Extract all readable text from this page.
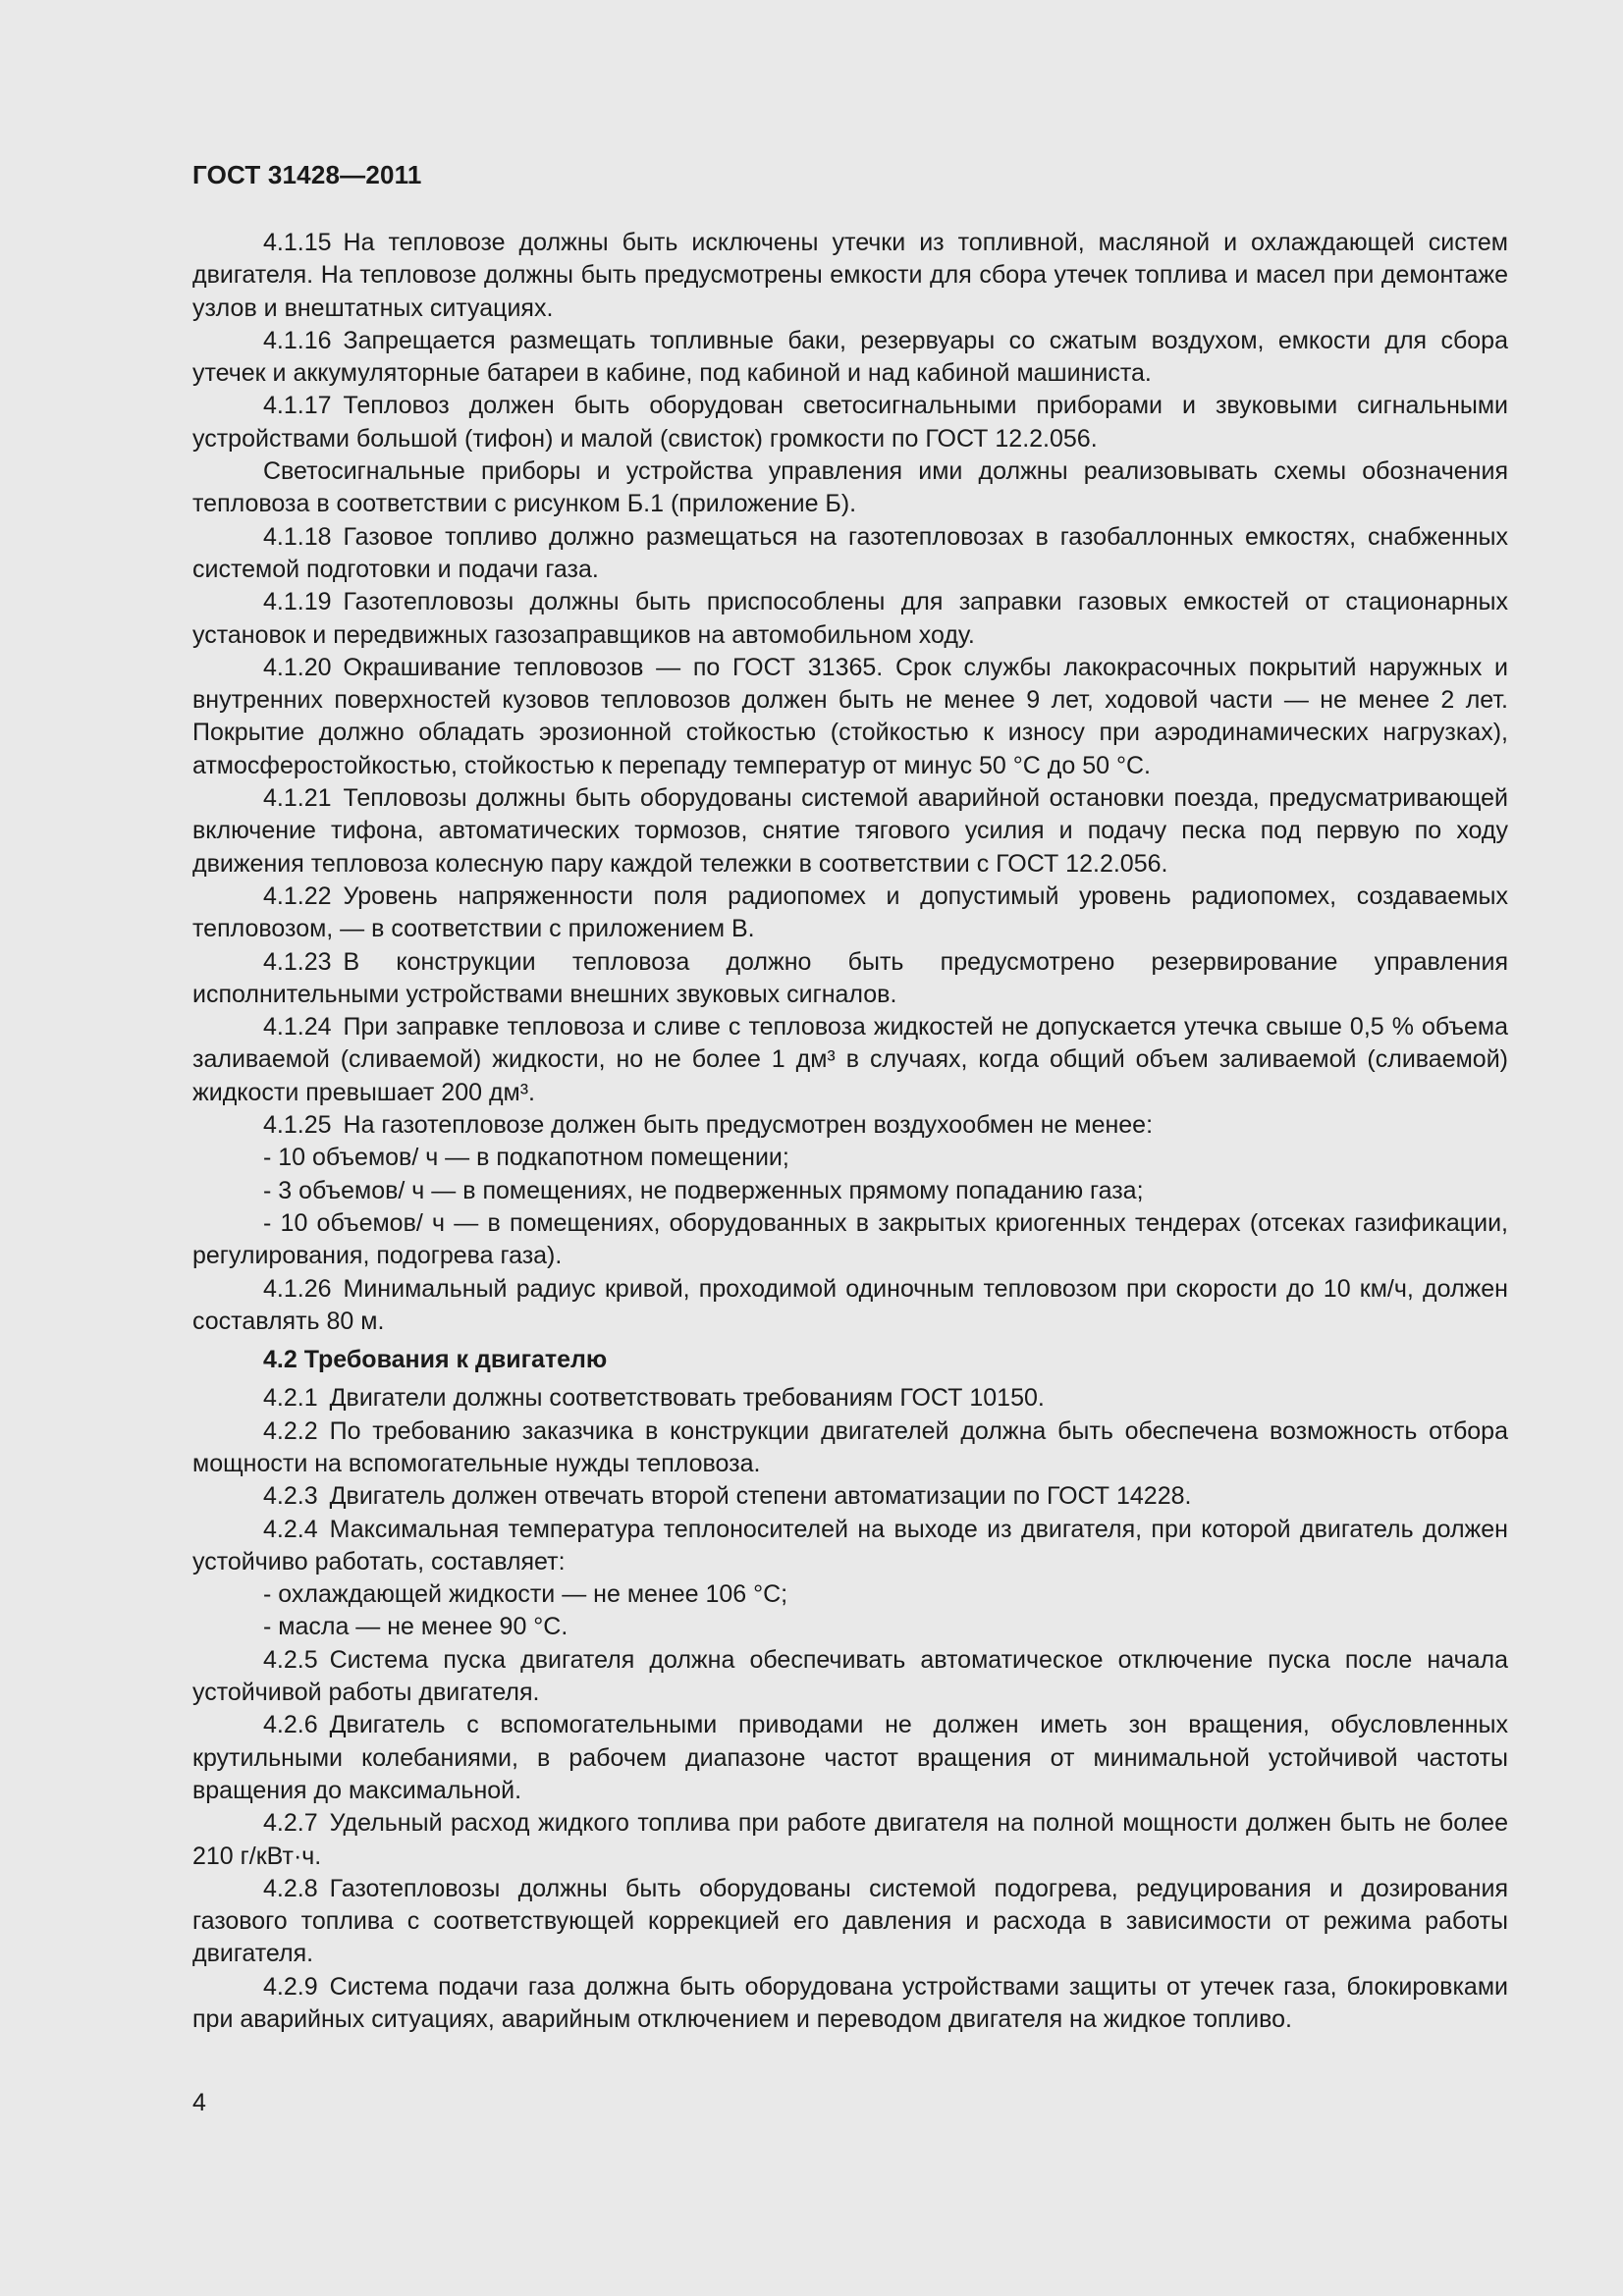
ГОСТ 31428—2011

4.1.15 На тепловозе должны быть исключены утечки из топливной, масляной и охлаждающей систем двигателя. На тепловозе должны быть предусмотрены емкости для сбора утечек топлива и масел при демонтаже узлов и внештатных ситуациях.

4.1.16 Запрещается размещать топливные баки, резервуары со сжатым воздухом, емкости для сбора утечек и аккумуляторные батареи в кабине, под кабиной и над кабиной машиниста.

4.1.17 Тепловоз должен быть оборудован светосигнальными приборами и звуковыми сигнальными устройствами большой (тифон) и малой (свисток) громкости по ГОСТ 12.2.056.

Светосигнальные приборы и устройства управления ими должны реализовывать схемы обозначения тепловоза в соответствии с рисунком Б.1 (приложение Б).

4.1.18 Газовое топливо должно размещаться на газотепловозах в газобаллонных емкостях, снабженных системой подготовки и подачи газа.

4.1.19 Газотепловозы должны быть приспособлены для заправки газовых емкостей от стационарных установок и передвижных газозаправщиков на автомобильном ходу.

4.1.20 Окрашивание тепловозов — по ГОСТ 31365. Срок службы лакокрасочных покрытий наружных и внутренних поверхностей кузовов тепловозов должен быть не менее 9 лет, ходовой части — не менее 2 лет. Покрытие должно обладать эрозионной стойкостью (стойкостью к износу при аэродинамических нагрузках), атмосферостойкостью, стойкостью к перепаду температур от минус 50 °С до 50 °С.

4.1.21 Тепловозы должны быть оборудованы системой аварийной остановки поезда, предусматривающей включение тифона, автоматических тормозов, снятие тягового усилия и подачу песка под первую по ходу движения тепловоза колесную пару каждой тележки в соответствии с ГОСТ 12.2.056.

4.1.22 Уровень напряженности поля радиопомех и допустимый уровень радиопомех, создаваемых тепловозом, — в соответствии с приложением В.

4.1.23 В конструкции тепловоза должно быть предусмотрено резервирование управления исполнительными устройствами внешних звуковых сигналов.

4.1.24 При заправке тепловоза и сливе с тепловоза жидкостей не допускается утечка свыше 0,5 % объема заливаемой (сливаемой) жидкости, но не более 1 дм³ в случаях, когда общий объем заливаемой (сливаемой) жидкости превышает 200 дм³.

4.1.25 На газотепловозе должен быть предусмотрен воздухообмен не менее:

- 10 объемов/ ч — в подкапотном помещении;

- 3 объемов/ ч — в помещениях, не подверженных прямому попаданию газа;

- 10 объемов/ ч — в помещениях, оборудованных в закрытых криогенных тендерах (отсеках газификации, регулирования, подогрева газа).

4.1.26 Минимальный радиус кривой, проходимой одиночным тепловозом при скорости до 10 км/ч, должен составлять 80 м.

4.2 Требования к двигателю

4.2.1 Двигатели должны соответствовать требованиям ГОСТ 10150.

4.2.2 По требованию заказчика в конструкции двигателей должна быть обеспечена возможность отбора мощности на вспомогательные нужды тепловоза.

4.2.3 Двигатель должен отвечать второй степени автоматизации по ГОСТ 14228.

4.2.4 Максимальная температура теплоносителей на выходе из двигателя, при которой двигатель должен устойчиво работать, составляет:

- охлаждающей жидкости — не менее 106 °С;

- масла — не менее 90 °С.

4.2.5 Система пуска двигателя должна обеспечивать автоматическое отключение пуска после начала устойчивой работы двигателя.

4.2.6 Двигатель с вспомогательными приводами не должен иметь зон вращения, обусловленных крутильными колебаниями, в рабочем диапазоне частот вращения от минимальной устойчивой частоты вращения до максимальной.

4.2.7 Удельный расход жидкого топлива при работе двигателя на полной мощности должен быть не более 210 г/кВт·ч.

4.2.8 Газотепловозы должны быть оборудованы системой подогрева, редуцирования и дозирования газового топлива с соответствующей коррекцией его давления и расхода в зависимости от режима работы двигателя.

4.2.9 Система подачи газа должна быть оборудована устройствами защиты от утечек газа, блокировками при аварийных ситуациях, аварийным отключением и переводом двигателя на жидкое топливо.

4
